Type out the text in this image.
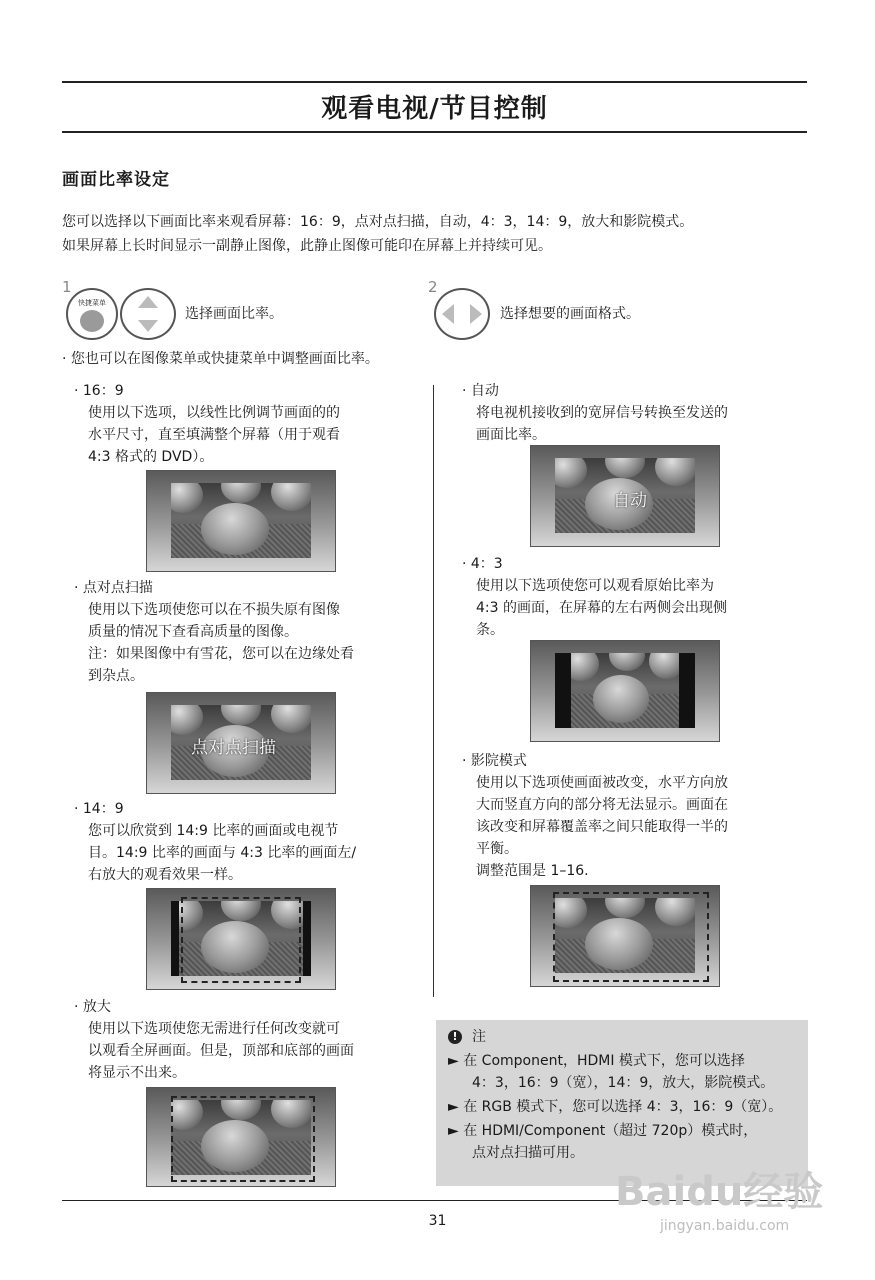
观看电视/节目控制
画面比率设定
您可以选择以下画面比率来观看屏幕：16：9，点对点扫描，自动，4：3，14：9，放大和影院模式。
如果屏幕上长时间显示一副静止图像，此静止图像可能印在屏幕上并持续可见。
1
快捷菜单
选择画面比率。
2
选择想要的画面格式。
· 您也可以在图像菜单或快捷菜单中调整画面比率。
· 16：9
使用以下选项，以线性比例调节画面的的
水平尺寸，直至填满整个屏幕（用于观看
4:3 格式的 DVD）。
· 点对点扫描
使用以下选项使您可以在不损失原有图像
质量的情况下查看高质量的图像。
注：如果图像中有雪花，您可以在边缘处看
到杂点。
点对点扫描
· 14：9
您可以欣赏到 14:9 比率的画面或电视节
目。14:9 比率的画面与 4:3 比率的画面左/
右放大的观看效果一样。
· 放大
使用以下选项使您无需进行任何改变就可
以观看全屏画面。但是，顶部和底部的画面
将显示不出来。
· 自动
将电视机接收到的宽屏信号转换至发送的
画面比率。
自动
· 4：3
使用以下选项使您可以观看原始比率为
4:3 的画面，在屏幕的左右两侧会出现侧
条。
· 影院模式
使用以下选项使画面被改变，水平方向放
大而竖直方向的部分将无法显示。画面在
该改变和屏幕覆盖率之间只能取得一半的
平衡。
调整范围是 1–16.
!	注
► 在 Component，HDMI 模式下，您可以选择
4：3，16：9（宽），14：9，放大，影院模式。
► 在 RGB 模式下，您可以选择 4：3，16：9（宽）。
► 在 HDMI/Component（超过 720p）模式时，
点对点扫描可用。
31
Baidu经验
jingyan.baidu.com
